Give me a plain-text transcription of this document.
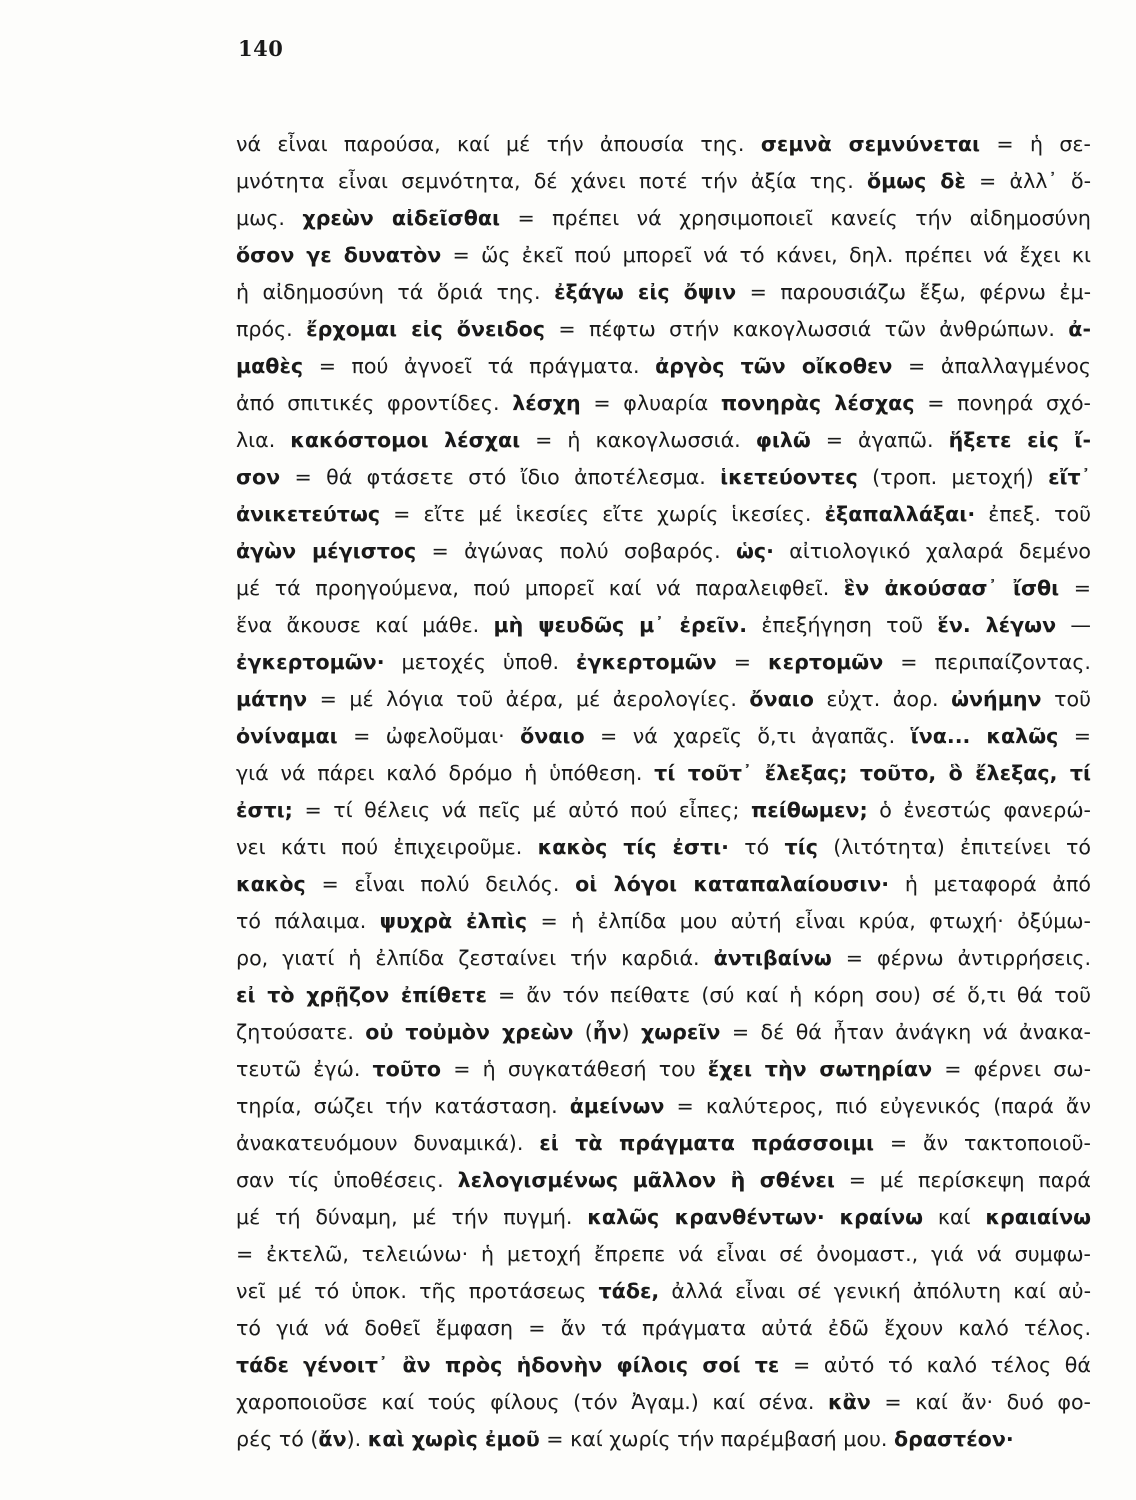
140
νά εἶναι παρούσα, καί μέ τήν ἀπουσία της. σεμνὰ σεμνύνεται = ἡ σε-
μνότητα εἶναι σεμνότητα, δέ χάνει ποτέ τήν ἀξία της. ὅμως δὲ = ἀλλ᾽ ὅ-
μως. χρεὼν αἰδεῖσθαι = πρέπει νά χρησιμοποιεῖ κανείς τήν αἰδημοσύνη
ὅσον γε δυνατὸν = ὥς ἐκεῖ πού μπορεῖ νά τό κάνει, δηλ. πρέπει νά ἔχει κι
ἡ αἰδημοσύνη τά ὅριά της. ἐξάγω εἰς ὄψιν = παρουσιάζω ἔξω, φέρνω ἐμ-
πρός. ἔρχομαι εἰς ὄνειδος = πέφτω στήν κακογλωσσιά τῶν ἀνθρώπων. ἀ-
μαθὲς = πού ἀγνοεῖ τά πράγματα. ἀργὸς τῶν οἴκοθεν = ἀπαλλαγμένος
ἀπό σπιτικές φροντίδες. λέσχη = φλυαρία πονηρὰς λέσχας = πονηρά σχό-
λια. κακόστομοι λέσχαι = ἡ κακογλωσσιά. φιλῶ = ἀγαπῶ. ἥξετε εἰς ἴ-
σον = θά φτάσετε στό ἴδιο ἀποτέλεσμα. ἱκετεύοντες (τροπ. μετοχή) εἴτ᾽
ἀνικετεύτως = εἴτε μέ ἱκεσίες εἴτε χωρίς ἱκεσίες. ἐξαπαλλάξαι· ἐπεξ. τοῦ
ἀγὼν μέγιστος = ἀγώνας πολύ σοβαρός. ὡς· αἰτιολογικό χαλαρά δεμένο
μέ τά προηγούμενα, πού μπορεῖ καί νά παραλειφθεῖ. ἓν ἀκούσασ᾽ ἴσθι =
ἕνα ἄκουσε καί μάθε. μὴ ψευδῶς μ᾽ ἐρεῖν. ἐπεξήγηση τοῦ ἕν. λέγων —
ἐγκερτομῶν· μετοχές ὑποθ. ἐγκερτομῶν = κερτομῶν = περιπαίζοντας.
μάτην = μέ λόγια τοῦ ἀέρα, μέ ἀερολογίες. ὄναιο εὐχτ. ἀορ. ὠνήμην τοῦ
ὀνίναμαι = ὠφελοῦμαι· ὄναιο = νά χαρεῖς ὅ,τι ἀγαπᾶς. ἵνα... καλῶς =
γιά νά πάρει καλό δρόμο ἡ ὑπόθεση. τί τοῦτ᾽ ἔλεξας; τοῦτο, ὃ ἔλεξας, τί
ἐστι; = τί θέλεις νά πεῖς μέ αὐτό πού εἶπες; πείθωμεν; ὁ ἐνεστώς φανερώ-
νει κάτι πού ἐπιχειροῦμε. κακὸς τίς ἐστι· τό τίς (λιτότητα) ἐπιτείνει τό
κακὸς = εἶναι πολύ δειλός. οἱ λόγοι καταπαλαίουσιν· ἡ μεταφορά ἀπό
τό πάλαιμα. ψυχρὰ ἐλπὶς = ἡ ἐλπίδα μου αὐτή εἶναι κρύα, φτωχή· ὀξύμω-
ρο, γιατί ἡ ἐλπίδα ζεσταίνει τήν καρδιά. ἀντιβαίνω = φέρνω ἀντιρρήσεις.
εἰ τὸ χρῇζον ἐπίθετε = ἄν τόν πείθατε (σύ καί ἡ κόρη σου) σέ ὅ,τι θά τοῦ
ζητούσατε. οὐ τοὐμὸν χρεὼν (ἦν) χωρεῖν = δέ θά ἦταν ἀνάγκη νά ἀνακα-
τευτῶ ἐγώ. τοῦτο = ἡ συγκατάθεσή του ἔχει τὴν σωτηρίαν = φέρνει σω-
τηρία, σώζει τήν κατάσταση. ἀμείνων = καλύτερος, πιό εὐγενικός (παρά ἄν
ἀνακατευόμουν δυναμικά). εἰ τὰ πράγματα πράσσοιμι = ἄν τακτοποιοῦ-
σαν τίς ὑποθέσεις. λελογισμένως μᾶλλον ἢ σθένει = μέ περίσκεψη παρά
μέ τή δύναμη, μέ τήν πυγμή. καλῶς κρανθέντων· κραίνω καί κραιαίνω
= ἐκτελῶ, τελειώνω· ἡ μετοχή ἔπρεπε νά εἶναι σέ ὀνομαστ., γιά νά συμφω-
νεῖ μέ τό ὑποκ. τῆς προτάσεως τάδε, ἀλλά εἶναι σέ γενική ἀπόλυτη καί αὐ-
τό γιά νά δοθεῖ ἔμφαση = ἄν τά πράγματα αὐτά ἐδῶ ἔχουν καλό τέλος.
τάδε γένοιτ᾽ ἂν πρὸς ἡδονὴν φίλοις σοί τε = αὐτό τό καλό τέλος θά
χαροποιοῦσε καί τούς φίλους (τόν Ἀγαμ.) καί σένα. κἂν = καί ἄν· δυό φο-
ρές τό (ἄν). καὶ χωρὶς ἐμοῦ = καί χωρίς τήν παρέμβασή μου. δραστέον·
